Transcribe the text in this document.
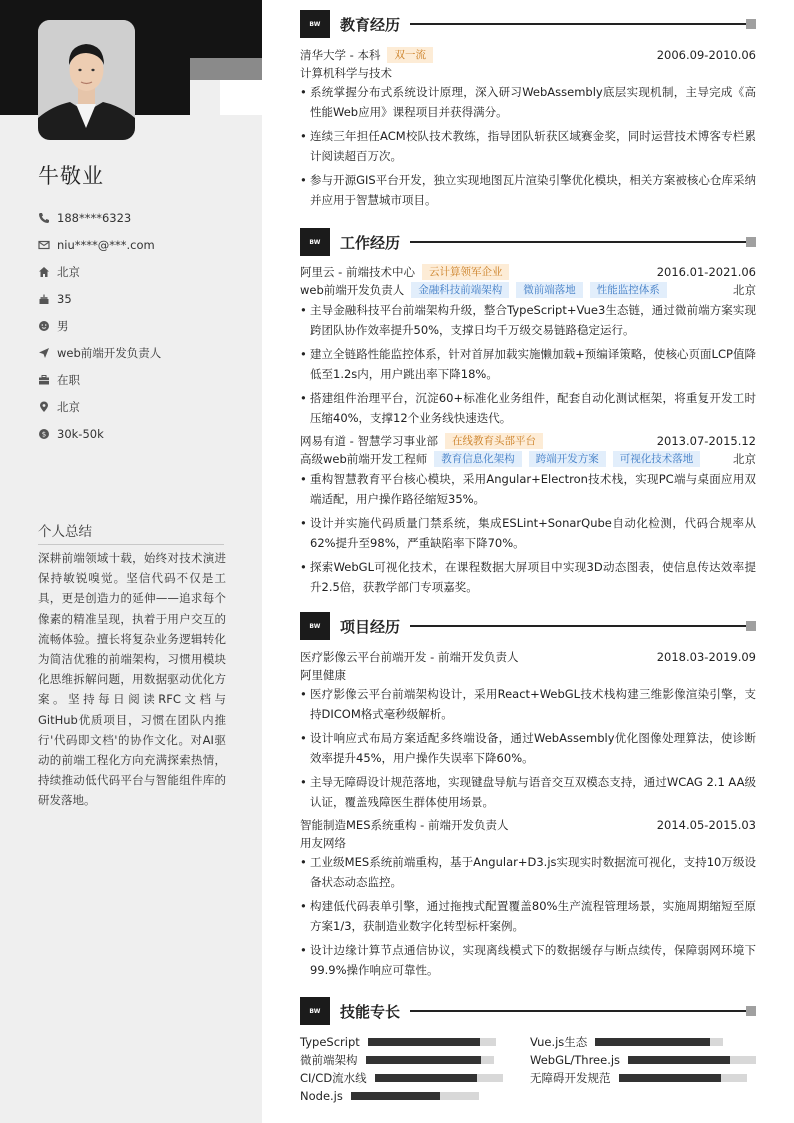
牛敬业
188****6323
niu****@***.com
北京
35
男
web前端开发负责人
在职
北京
$ 30k-50k
个人总结
深耕前端领域十载，始终对技术演进保持敏锐嗅觉。坚信代码不仅是工具，更是创造力的延伸——追求每个像素的精准呈现，执着于用户交互的流畅体验。擅长将复杂业务逻辑转化为简洁优雅的前端架构，习惯用模块化思维拆解问题，用数据驱动优化方案。坚持每日阅读RFC文档与GitHub优质项目，习惯在团队内推行'代码即文档'的协作文化。对AI驱动的前端工程化方向充满探索热情，持续推动低代码平台与智能组件库的研发落地。
BW	教育经历
清华大学 - 本科	双一流	2006.09-2010.06
计算机科学与技术
• 系统掌握分布式系统设计原理，深入研习WebAssembly底层实现机制，主导完成《高性能Web应用》课程项目并获得满分。
• 连续三年担任ACM校队技术教练，指导团队斩获区域赛金奖，同时运营技术博客专栏累计阅读超百万次。
• 参与开源GIS平台开发，独立实现地图瓦片渲染引擎优化模块，相关方案被核心仓库采纳并应用于智慧城市项目。
BW	工作经历
阿里云 - 前端技术中心	云计算领军企业	2016.01-2021.06
web前端开发负责人	金融科技前端架构	微前端落地	性能监控体系	北京
• 主导金融科技平台前端架构升级，整合TypeScript+Vue3生态链，通过微前端方案实现跨团队协作效率提升50%，支撑日均千万级交易链路稳定运行。
• 建立全链路性能监控体系，针对首屏加载实施懒加载+预编译策略，使核心页面LCP值降低至1.2s内，用户跳出率下降18%。
• 搭建组件治理平台，沉淀60+标准化业务组件，配套自动化测试框架，将重复开发工时压缩40%，支撑12个业务线快速迭代。
网易有道 - 智慧学习事业部	在线教育头部平台	2013.07-2015.12
高级web前端开发工程师	教育信息化架构	跨端开发方案	可视化技术落地	北京
• 重构智慧教育平台核心模块，采用Angular+Electron技术栈，实现PC端与桌面应用双端适配，用户操作路径缩短35%。
• 设计并实施代码质量门禁系统，集成ESLint+SonarQube自动化检测，代码合规率从62%提升至98%，严重缺陷率下降70%。
• 探索WebGL可视化技术，在课程数据大屏项目中实现3D动态图表，使信息传达效率提升2.5倍，获教学部门专项嘉奖。
BW	项目经历
医疗影像云平台前端开发 - 前端开发负责人	2018.03-2019.09
阿里健康
• 医疗影像云平台前端架构设计，采用React+WebGL技术栈构建三维影像渲染引擎，支持DICOM格式毫秒级解析。
• 设计响应式布局方案适配多终端设备，通过WebAssembly优化图像处理算法，使诊断效率提升45%，用户操作失误率下降60%。
• 主导无障碍设计规范落地，实现键盘导航与语音交互双模态支持，通过WCAG 2.1 AA级认证，覆盖残障医生群体使用场景。
智能制造MES系统重构 - 前端开发负责人	2014.05-2015.03
用友网络
• 工业级MES系统前端重构，基于Angular+D3.js实现实时数据流可视化，支持10万级设备状态动态监控。
• 构建低代码表单引擎，通过拖拽式配置覆盖80%生产流程管理场景，实施周期缩短至原方案1/3，获制造业数字化转型标杆案例。
• 设计边缘计算节点通信协议，实现离线模式下的数据缓存与断点续传，保障弱网环境下99.9%操作响应可靠性。
BW	技能专长
TypeScript	Vue.js生态
微前端架构	WebGL/Three.js
CI/CD流水线	无障碍开发规范
Node.js
